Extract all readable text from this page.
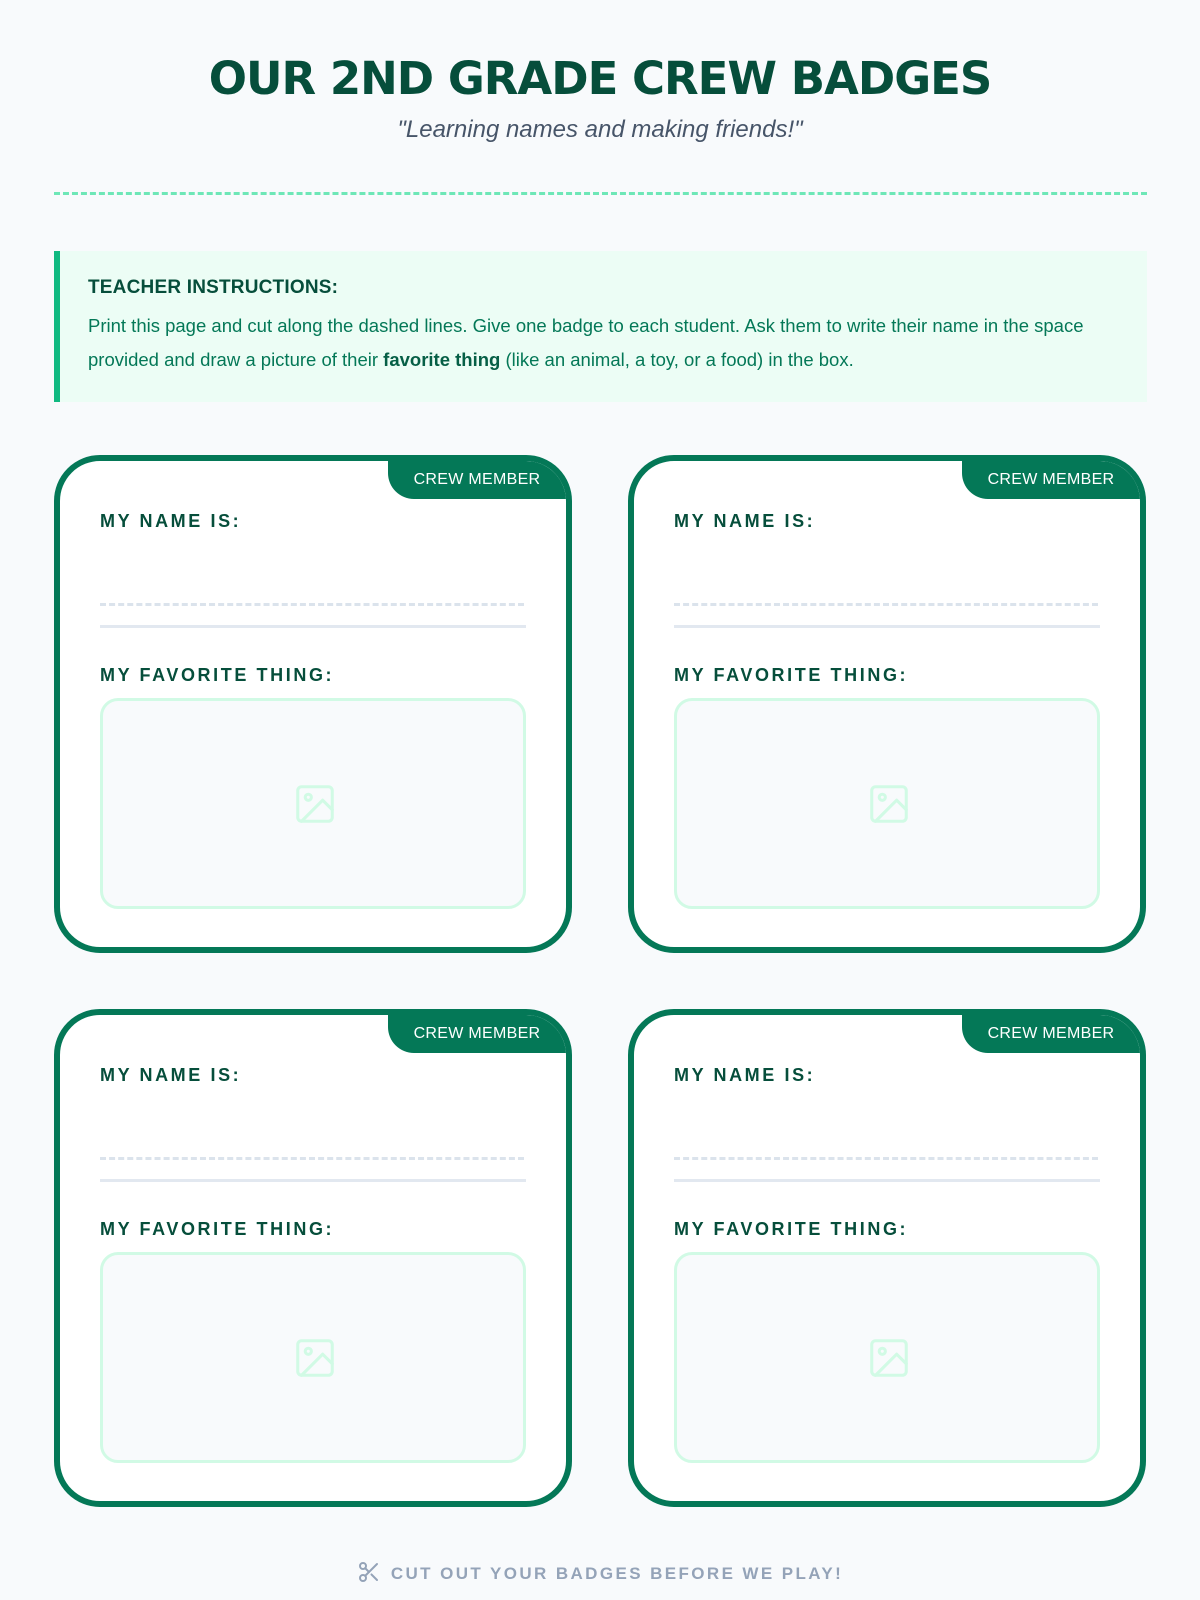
OUR 2ND GRADE CREW BADGES
"Learning names and making friends!"
TEACHER INSTRUCTIONS:
Print this page and cut along the dashed lines. Give one badge to each student. Ask them to write their name in the space provided and draw a picture of their favorite thing (like an animal, a toy, or a food) in the box.
CREW MEMBER
MY NAME IS:
MY FAVORITE THING:
CREW MEMBER
MY NAME IS:
MY FAVORITE THING:
CREW MEMBER
MY NAME IS:
MY FAVORITE THING:
CREW MEMBER
MY NAME IS:
MY FAVORITE THING:
CUT OUT YOUR BADGES BEFORE WE PLAY!
